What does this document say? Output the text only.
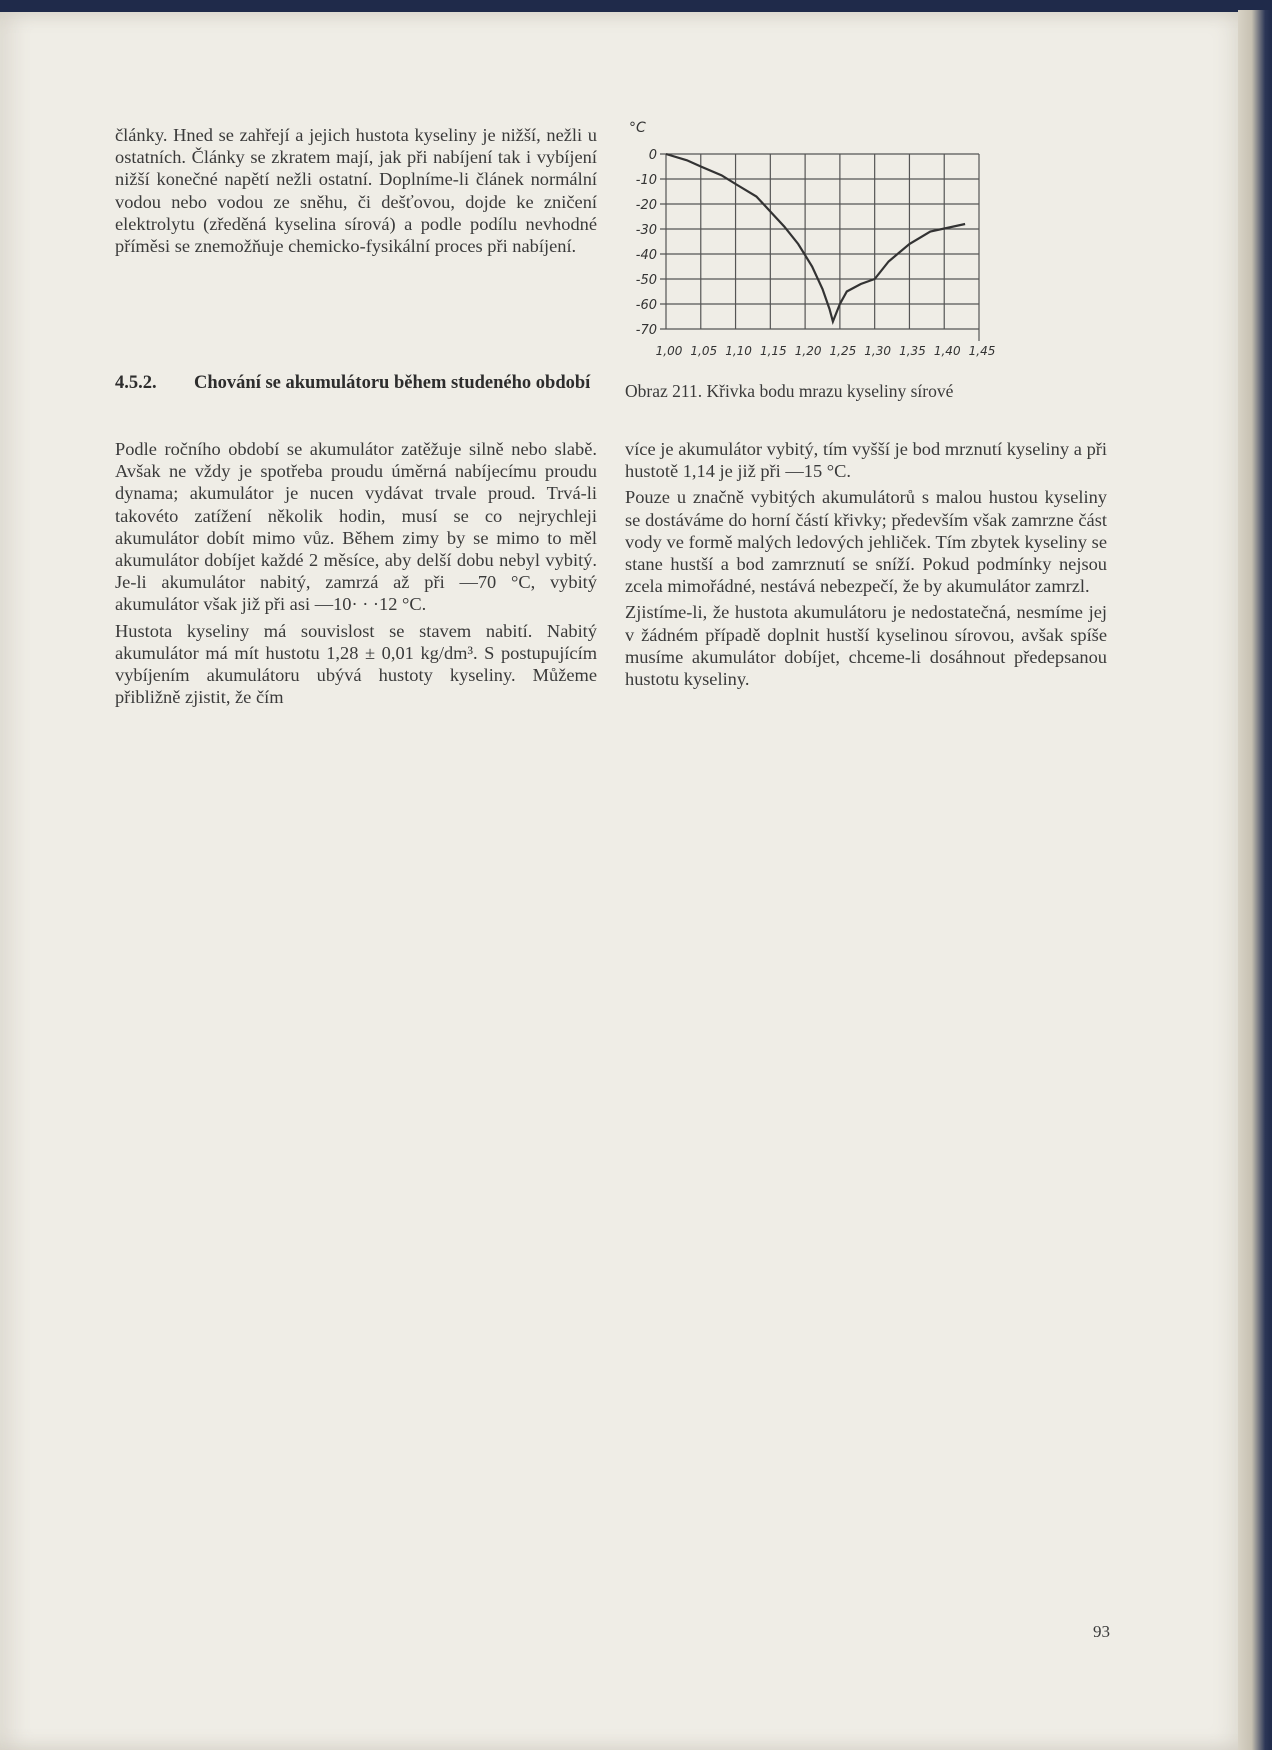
články. Hned se zahřejí a jejich hustota kyseliny je nižší, nežli u ostatních. Články se zkratem mají, jak při nabíjení tak i vybíjení nižší konečné napětí nežli ostatní. Doplníme-li článek normální vodou nebo vodou ze sněhu, či dešťovou, dojde ke zničení elektrolytu (zředěná kyselina sírová) a podle podílu nevhodné příměsi se znemožňuje chemicko-fysikální proces při nabíjení.

4.5.2. Chování se akumulátoru během studeného období

Podle ročního období se akumulátor zatěžuje silně nebo slabě. Avšak ne vždy je spotřeba proudu úměrná nabíjecímu proudu dynama; akumulátor je nucen vydávat trvale proud. Trvá-li takovéto zatížení několik hodin, musí se co nejrychleji akumulátor dobít mimo vůz. Během zimy by se mimo to měl akumulátor dobíjet každé 2 měsíce, aby delší dobu nebyl vybitý. Je-li akumulátor nabitý, zamrzá až při —70 °C, vybitý akumulátor však již při asi —10· · ·12 °C.

Hustota kyseliny má souvislost se stavem nabití. Nabitý akumulátor má mít hustotu 1,28 ± 0,01 kg/dm³. S postupujícím vybíjením akumulátoru ubývá hustoty kyseliny. Můžeme přibližně zjistit, že čím

0
-10
-20
-30
-40
-50
-60
-70
1,00 1,05 1,10 1,15 1,20 1,25 1,30 1,35 1,40 1,45
°C
Obraz 211. Křivka bodu mrazu kyseliny sírové

více je akumulátor vybitý, tím vyšší je bod mrznutí kyseliny a při hustotě 1,14 je již při —15 °C.

Pouze u značně vybitých akumulátorů s malou hustou kyseliny se dostáváme do horní částí křivky; především však zamrzne část vody ve formě malých ledových jehliček. Tím zbytek kyseliny se stane hustší a bod zamrznutí se sníží. Pokud podmínky nejsou zcela mimořádné, nestává nebezpečí, že by akumulátor zamrzl.

Zjistíme-li, že hustota akumulátoru je nedostatečná, nesmíme jej v žádném případě doplnit hustší kyselinou sírovou, avšak spíše musíme akumulátor dobíjet, chceme-li dosáhnout předepsanou hustotu kyseliny.

93
